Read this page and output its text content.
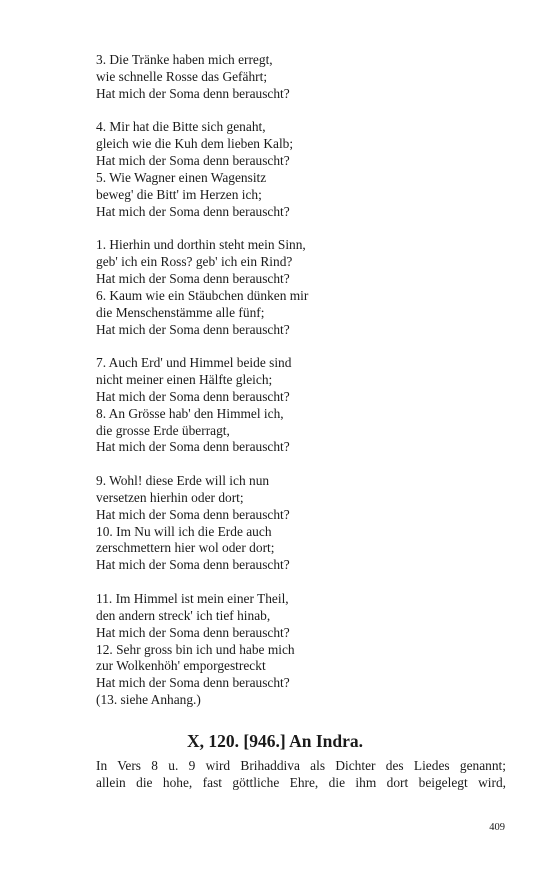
3. Die Tränke haben mich erregt,
wie schnelle Rosse das Gefährt;
Hat mich der Soma denn berauscht?
4. Mir hat die Bitte sich genaht,
gleich wie die Kuh dem lieben Kalb;
Hat mich der Soma denn berauscht?
5. Wie Wagner einen Wagensitz
beweg' die Bitt' im Herzen ich;
Hat mich der Soma denn berauscht?
1. Hierhin und dorthin steht mein Sinn,
geb' ich ein Ross? geb' ich ein Rind?
Hat mich der Soma denn berauscht?
6. Kaum wie ein Stäubchen dünken mir
die Menschenstämme alle fünf;
Hat mich der Soma denn berauscht?
7. Auch Erd' und Himmel beide sind
nicht meiner einen Hälfte gleich;
Hat mich der Soma denn berauscht?
8. An Grösse hab' den Himmel ich,
die grosse Erde überragt,
Hat mich der Soma denn berauscht?
9. Wohl! diese Erde will ich nun
versetzen hierhin oder dort;
Hat mich der Soma denn berauscht?
10. Im Nu will ich die Erde auch
zerschmettern hier wol oder dort;
Hat mich der Soma denn berauscht?
11. Im Himmel ist mein einer Theil,
den andern streck' ich tief hinab,
Hat mich der Soma denn berauscht?
12. Sehr gross bin ich und habe mich
zur Wolkenhöh' emporgestreckt
Hat mich der Soma denn berauscht?
(13. siehe Anhang.)
X, 120. [946.] An Indra.
In Vers 8 u. 9 wird Brihaddiva als Dichter des Liedes genannt;
allein die hohe, fast göttliche Ehre, die ihm dort beigelegt wird,
409
